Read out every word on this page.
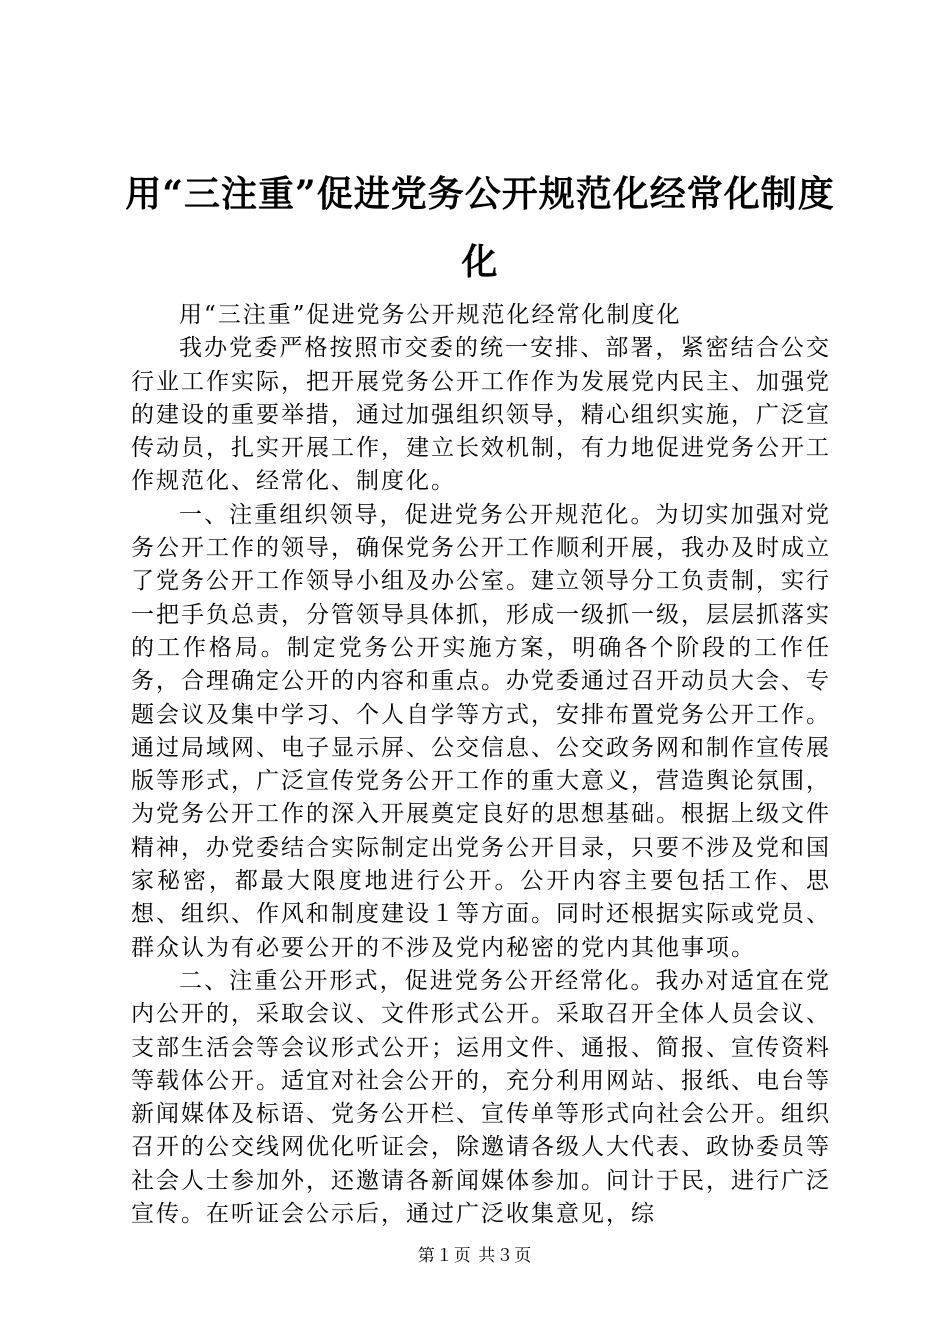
用“三注重”促进党务公开规范化经常化制度化

用“三注重”促进党务公开规范化经常化制度化

我办党委严格按照市交委的统一安排、部署，紧密结合公交行业工作实际，把开展党务公开工作作为发展党内民主、加强党的建设的重要举措，通过加强组织领导，精心组织实施，广泛宣传动员，扎实开展工作，建立长效机制，有力地促进党务公开工作规范化、经常化、制度化。

一、注重组织领导，促进党务公开规范化。为切实加强对党务公开工作的领导，确保党务公开工作顺利开展，我办及时成立了党务公开工作领导小组及办公室。建立领导分工负责制，实行一把手负总责，分管领导具体抓，形成一级抓一级，层层抓落实的工作格局。制定党务公开实施方案，明确各个阶段的工作任务，合理确定公开的内容和重点。办党委通过召开动员大会、专题会议及集中学习、个人自学等方式，安排布置党务公开工作。通过局域网、电子显示屏、公交信息、公交政务网和制作宣传展版等形式，广泛宣传党务公开工作的重大意义，营造舆论氛围，为党务公开工作的深入开展奠定良好的思想基础。根据上级文件精神，办党委结合实际制定出党务公开目录，只要不涉及党和国家秘密，都最大限度地进行公开。公开内容主要包括工作、思想、组织、作风和制度建设１等方面。同时还根据实际或党员、群众认为有必要公开的不涉及党内秘密的党内其他事项。

二、注重公开形式，促进党务公开经常化。我办对适宜在党内公开的，采取会议、文件形式公开。采取召开全体人员会议、支部生活会等会议形式公开；运用文件、通报、简报、宣传资料等载体公开。适宜对社会公开的，充分利用网站、报纸、电台等新闻媒体及标语、党务公开栏、宣传单等形式向社会公开。组织召开的公交线网优化听证会，除邀请各级人大代表、政协委员等社会人士参加外，还邀请各新闻媒体参加。问计于民，进行广泛宣传。在听证会公示后，通过广泛收集意见，综

第１页 共３页
